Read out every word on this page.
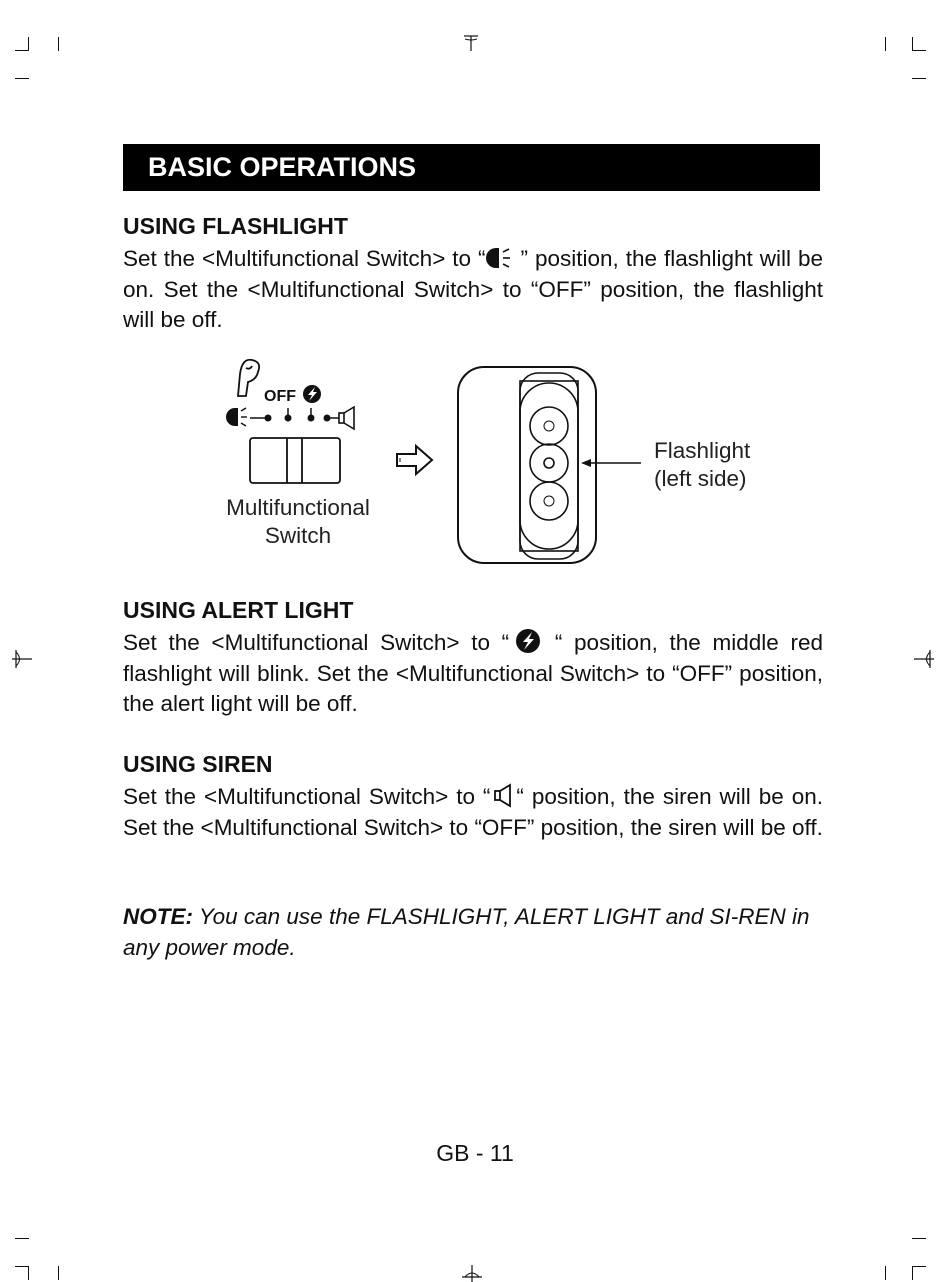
BASIC OPERATIONS
USING FLASHLIGHT

Set the <Multifunctional Switch> to “ ” position, the flashlight will be on. Set the <Multifunctional Switch> to “OFF” position, the flashlight will be off.

OFF
Multifunctional
Switch
Flashlight
(left side)
USING ALERT LIGHT

Set the <Multifunctional Switch> to “ “ position, the middle red flashlight will blink. Set the <Multifunctional Switch> to “OFF” position, the alert light will be off.

USING SIREN

Set the <Multifunctional Switch> to “ “ position, the siren will be on. Set the <Multifunctional Switch> to “OFF” position, the siren will be off.

NOTE: You can use the FLASHLIGHT, ALERT LIGHT and SI-REN in any power mode.
GB - 11
